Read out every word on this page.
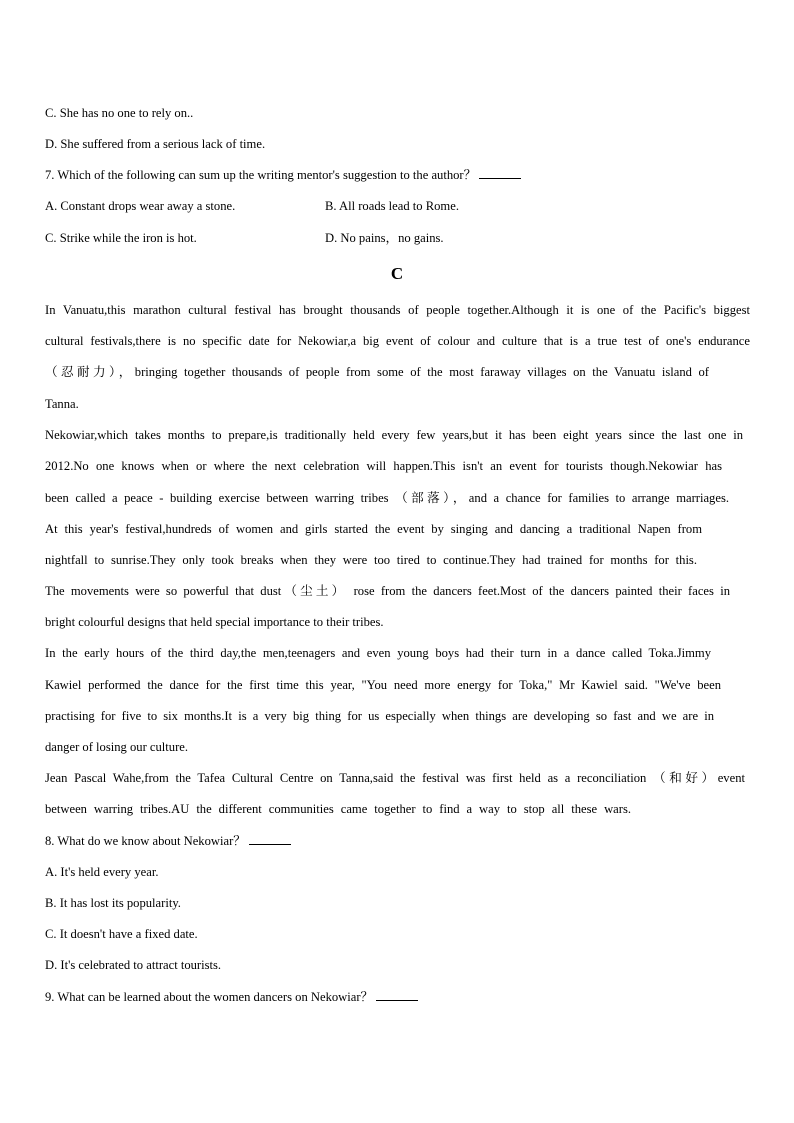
C. She has no one to rely on..
D. She suffered from a serious lack of time.
7. Which of the following can sum up the writing mentor's suggestion to the author？
A. Constant drops wear away a stone.	B. All roads lead to Rome.
C. Strike while the iron is hot.	D. No pains，no gains.
C
In Vanuatu,this marathon cultural festival has brought thousands of people together.Although it is one of the Pacific's biggest
cultural festivals,there is no specific date for Nekowiar,a big event of colour and culture that is a true test of one's endurance
（忍耐力），bringing together thousands of people from some of the most faraway villages on the Vanuatu island of
Tanna.
Nekowiar,which takes months to prepare,is traditionally held every few years,but it has been eight years since the last one in
2012.No one knows when or where the next celebration will happen.This isn't an event for tourists though.Nekowiar has
been called a peace - building exercise between warring tribes （部落），and a chance for families to arrange marriages.
At this year's festival,hundreds of women and girls started the event by singing and dancing a traditional Napen from
nightfall to sunrise.They only took breaks when they were too tired to continue.They had trained for months for this.
The movements were so powerful that dust（尘土） rose from the dancers feet.Most of the dancers painted their faces in
bright colourful designs that held special importance to their tribes.
In the early hours of the third day,the men,teenagers and even young boys had their turn in a dance called Toka.Jimmy
Kawiel performed the dance for the first time this year, "You need more energy for Toka," Mr Kawiel said. "We've been
practising for five to six months.It is a very big thing for us especially when things are developing so fast and we are in
danger of losing our culture.
Jean Pascal Wahe,from the Tafea Cultural Centre on Tanna,said the festival was first held as a reconciliation （和好）event
between warring tribes.AU the different communities came together to find a way to stop all these wars.
8. What do we know about Nekowiar？
A. It's held every year.
B. It has lost its popularity.
C. It doesn't have a fixed date.
D. It's celebrated to attract tourists.
9. What can be learned about the women dancers on Nekowiar？
